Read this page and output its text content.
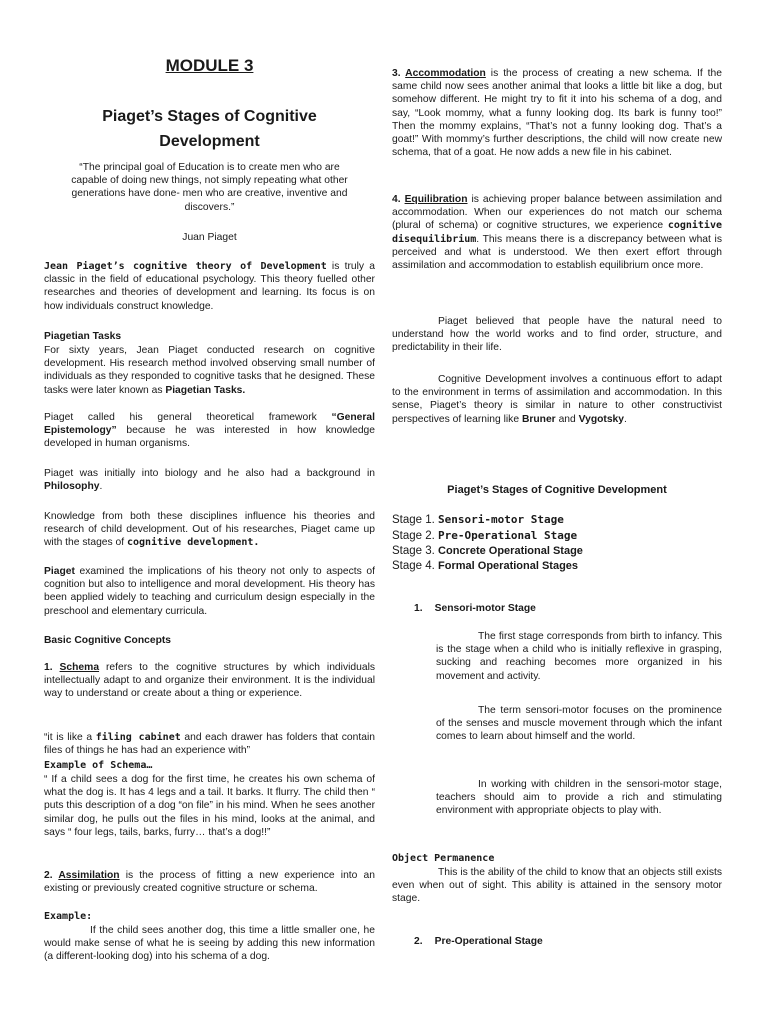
MODULE 3
Piaget’s Stages of Cognitive
Development

“The principal goal of Education is to create men who are capable of doing new things, not simply repeating what other generations have done- men who are creative, inventive and discovers.”

Juan Piaget

Jean Piaget’s cognitive theory of Development is truly a classic in the field of educational psychology. This theory fuelled other researches and theories of development and learning. Its focus is on how individuals construct knowledge.

Piagetian Tasks

For sixty years, Jean Piaget conducted research on cognitive development. His research method involved observing small number of individuals as they responded to cognitive tasks that he designed. These tasks were later known as Piagetian Tasks.

Piaget called his general theoretical framework “General Epistemology” because he was interested in how knowledge developed in human organisms.

Piaget was initially into biology and he also had a background in Philosophy.

Knowledge from both these disciplines influence his theories and research of child development. Out of his researches, Piaget came up with the stages of cognitive development.

Piaget examined the implications of his theory not only to aspects of cognition but also to intelligence and moral development. His theory has been applied widely to teaching and curriculum design especially in the preschool and elementary curricula.

Basic Cognitive Concepts

1. Schema refers to the cognitive structures by which individuals intellectually adapt to and organize their environment. It is the individual way to understand or create about a thing or experience.

“it is like a filing cabinet and each drawer has folders that contain files of things he has had an experience with”

Example of Schema…

“ If a child sees a dog for the first time, he creates his own schema of what the dog is. It has 4 legs and a tail. It barks. It flurry. The child then “ puts this description of a dog “on file” in his mind. When he sees another similar dog, he pulls out the files in his mind, looks at the animal, and says “ four legs, tails, barks, furry… that’s a dog!!”

2. Assimilation is the process of fitting a new experience into an existing or previously created cognitive structure or schema.

Example:

If the child sees another dog, this time a little smaller one, he would make sense of what he is seeing by adding this new information (a different-looking dog) into his schema of a dog.

3. Accommodation is the process of creating a new schema. If the same child now sees another animal that looks a little bit like a dog, but somehow different. He might try to fit it into his schema of a dog, and say, “Look mommy, what a funny looking dog. Its bark is funny too!” Then the mommy explains, “That’s not a funny looking dog. That’s a goat!” With mommy’s further descriptions, the child will now create new schema, that of a goat. He now adds a new file in his cabinet.

4. Equilibration is achieving proper balance between assimilation and accommodation. When our experiences do not match our schema (plural of schema) or cognitive structures, we experience cognitive disequilibrium. This means there is a discrepancy between what is perceived and what is understood. We then exert effort through assimilation and accommodation to establish equilibrium once more.

Piaget believed that people have the natural need to understand how the world works and to find order, structure, and predictability in their life.

Cognitive Development involves a continuous effort to adapt to the environment in terms of assimilation and accommodation. In this sense, Piaget’s theory is similar in nature to other constructivist perspectives of learning like Bruner and Vygotsky.

Piaget’s Stages of Cognitive Development

Stage 1. Sensori-motor Stage
Stage 2. Pre-Operational Stage
Stage 3. Concrete Operational Stage
Stage 4. Formal Operational Stages

1. Sensori-motor Stage

The first stage corresponds from birth to infancy. This is the stage when a child who is initially reflexive in grasping, sucking and reaching becomes more organized in his movement and activity.

The term sensori-motor focuses on the prominence of the senses and muscle movement through which the infant comes to learn about himself and the world.

In working with children in the sensori-motor stage, teachers should aim to provide a rich and stimulating environment with appropriate objects to play with.

Object Permanence

This is the ability of the child to know that an objects still exists even when out of sight. This ability is attained in the sensory motor stage.

2. Pre-Operational Stage
